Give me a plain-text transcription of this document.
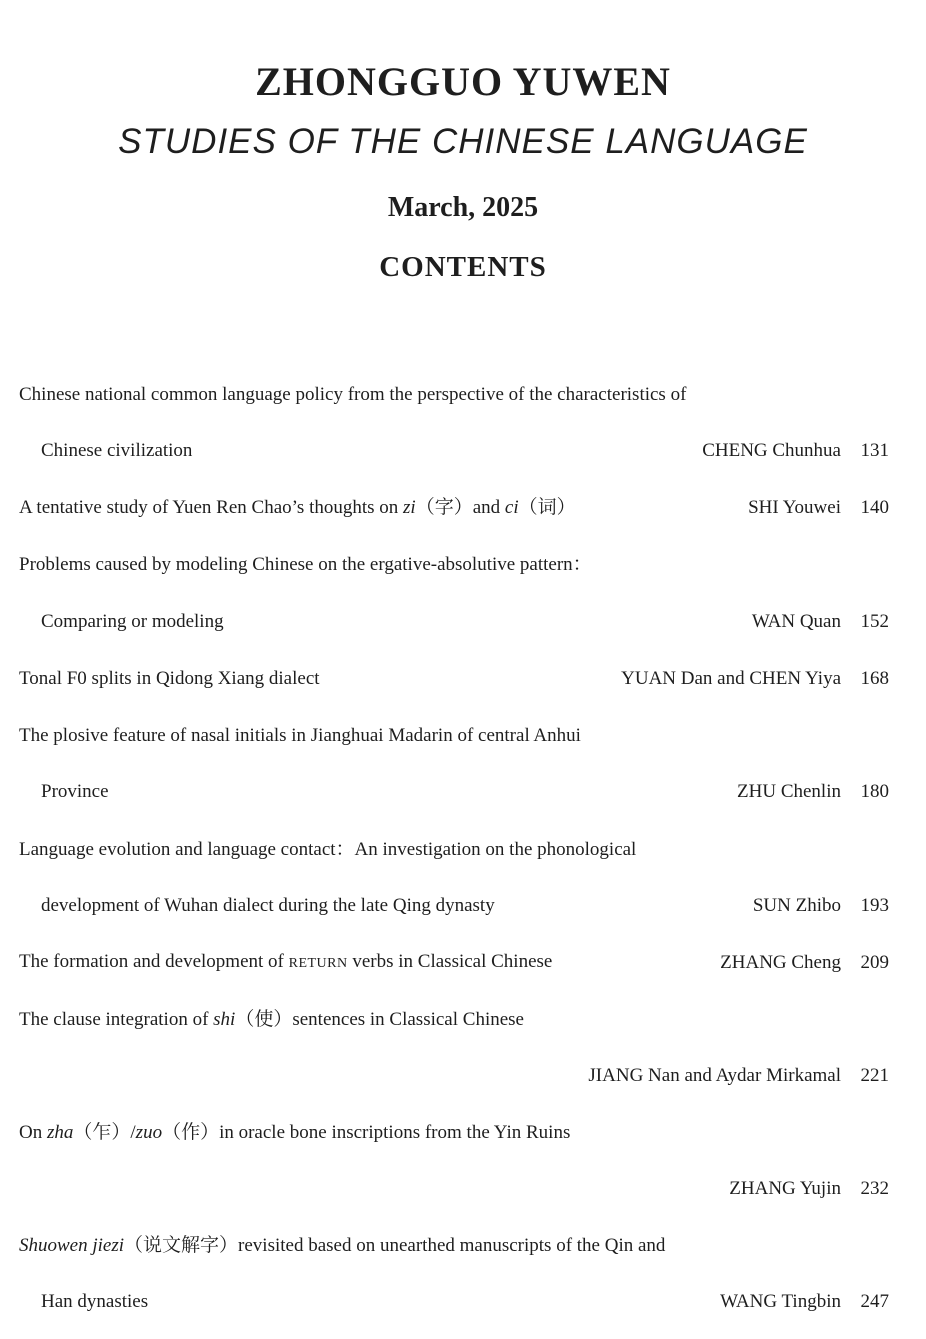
ZHONGGUO YUWEN
STUDIES OF THE CHINESE LANGUAGE
March, 2025
CONTENTS
Chinese national common language policy from the perspective of the characteristics of
Chinese civilization	CHENG Chunhua	131
A tentative study of Yuen Ren Chao’s thoughts on zi（字）and ci（词）	SHI Youwei	140
Problems caused by modeling Chinese on the ergative-absolutive pattern：
Comparing or modeling	WAN Quan	152
Tonal F0 splits in Qidong Xiang dialect	YUAN Dan and CHEN Yiya	168
The plosive feature of nasal initials in Jianghuai Madarin of central Anhui
Province	ZHU Chenlin	180
Language evolution and language contact：An investigation on the phonological
development of Wuhan dialect during the late Qing dynasty	SUN Zhibo	193
The formation and development of RETURN verbs in Classical Chinese	ZHANG Cheng	209
The clause integration of shi（使）sentences in Classical Chinese
JIANG Nan and Aydar Mirkamal	221
On zha（乍）/zuo（作）in oracle bone inscriptions from the Yin Ruins
ZHANG Yujin	232
Shuowen jiezi（说文解字）revisited based on unearthed manuscripts of the Qin and
Han dynasties	WANG Tingbin	247
